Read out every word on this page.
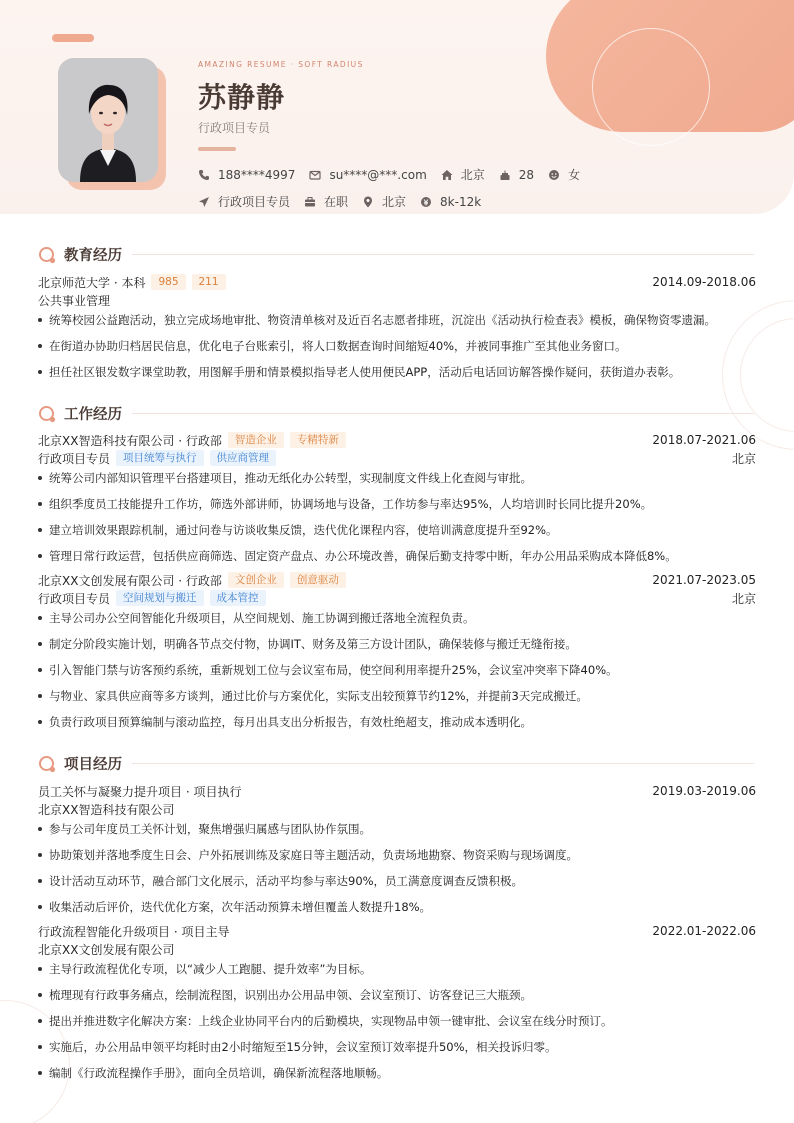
AMAZING RESUME · SOFT RADIUS
苏静静
行政项目专员
188****4997	su****@***.com	北京	28	女
行政项目专员	在职	北京	8k-12k
教育经历
北京师范大学 · 本科	985	211	2014.09-2018.06
公共事业管理
统筹校园公益跑活动，独立完成场地审批、物资清单核对及近百名志愿者排班，沉淀出《活动执行检查表》模板，确保物资零遗漏。
在街道办协助归档居民信息，优化电子台账索引，将人口数据查询时间缩短40%，并被同事推广至其他业务窗口。
担任社区银发数字课堂助教，用图解手册和情景模拟指导老人使用便民APP，活动后电话回访解答操作疑问，获街道办表彰。
工作经历
北京XX智造科技有限公司 · 行政部	智造企业	专精特新	2018.07-2021.06
行政项目专员	项目统筹与执行	供应商管理	北京
统筹公司内部知识管理平台搭建项目，推动无纸化办公转型，实现制度文件线上化查阅与审批。
组织季度员工技能提升工作坊，筛选外部讲师，协调场地与设备，工作坊参与率达95%，人均培训时长同比提升20%。
建立培训效果跟踪机制，通过问卷与访谈收集反馈，迭代优化课程内容，使培训满意度提升至92%。
管理日常行政运营，包括供应商筛选、固定资产盘点、办公环境改善，确保后勤支持零中断，年办公用品采购成本降低8%。
北京XX文创发展有限公司 · 行政部	文创企业	创意驱动	2021.07-2023.05
行政项目专员	空间规划与搬迁	成本管控	北京
主导公司办公空间智能化升级项目，从空间规划、施工协调到搬迁落地全流程负责。
制定分阶段实施计划，明确各节点交付物，协调IT、财务及第三方设计团队，确保装修与搬迁无缝衔接。
引入智能门禁与访客预约系统，重新规划工位与会议室布局，使空间利用率提升25%，会议室冲突率下降40%。
与物业、家具供应商等多方谈判，通过比价与方案优化，实际支出较预算节约12%，并提前3天完成搬迁。
负责行政项目预算编制与滚动监控，每月出具支出分析报告，有效杜绝超支，推动成本透明化。
项目经历
员工关怀与凝聚力提升项目 · 项目执行	2019.03-2019.06
北京XX智造科技有限公司
参与公司年度员工关怀计划，聚焦增强归属感与团队协作氛围。
协助策划并落地季度生日会、户外拓展训练及家庭日等主题活动，负责场地勘察、物资采购与现场调度。
设计活动互动环节，融合部门文化展示，活动平均参与率达90%，员工满意度调查反馈积极。
收集活动后评价，迭代优化方案，次年活动预算未增但覆盖人数提升18%。
行政流程智能化升级项目 · 项目主导	2022.01-2022.06
北京XX文创发展有限公司
主导行政流程优化专项，以“减少人工跑腿、提升效率”为目标。
梳理现有行政事务痛点，绘制流程图，识别出办公用品申领、会议室预订、访客登记三大瓶颈。
提出并推进数字化解决方案：上线企业协同平台内的后勤模块，实现物品申领一键审批、会议室在线分时预订。
实施后，办公用品申领平均耗时由2小时缩短至15分钟，会议室预订效率提升50%，相关投诉归零。
编制《行政流程操作手册》，面向全员培训，确保新流程落地顺畅。
